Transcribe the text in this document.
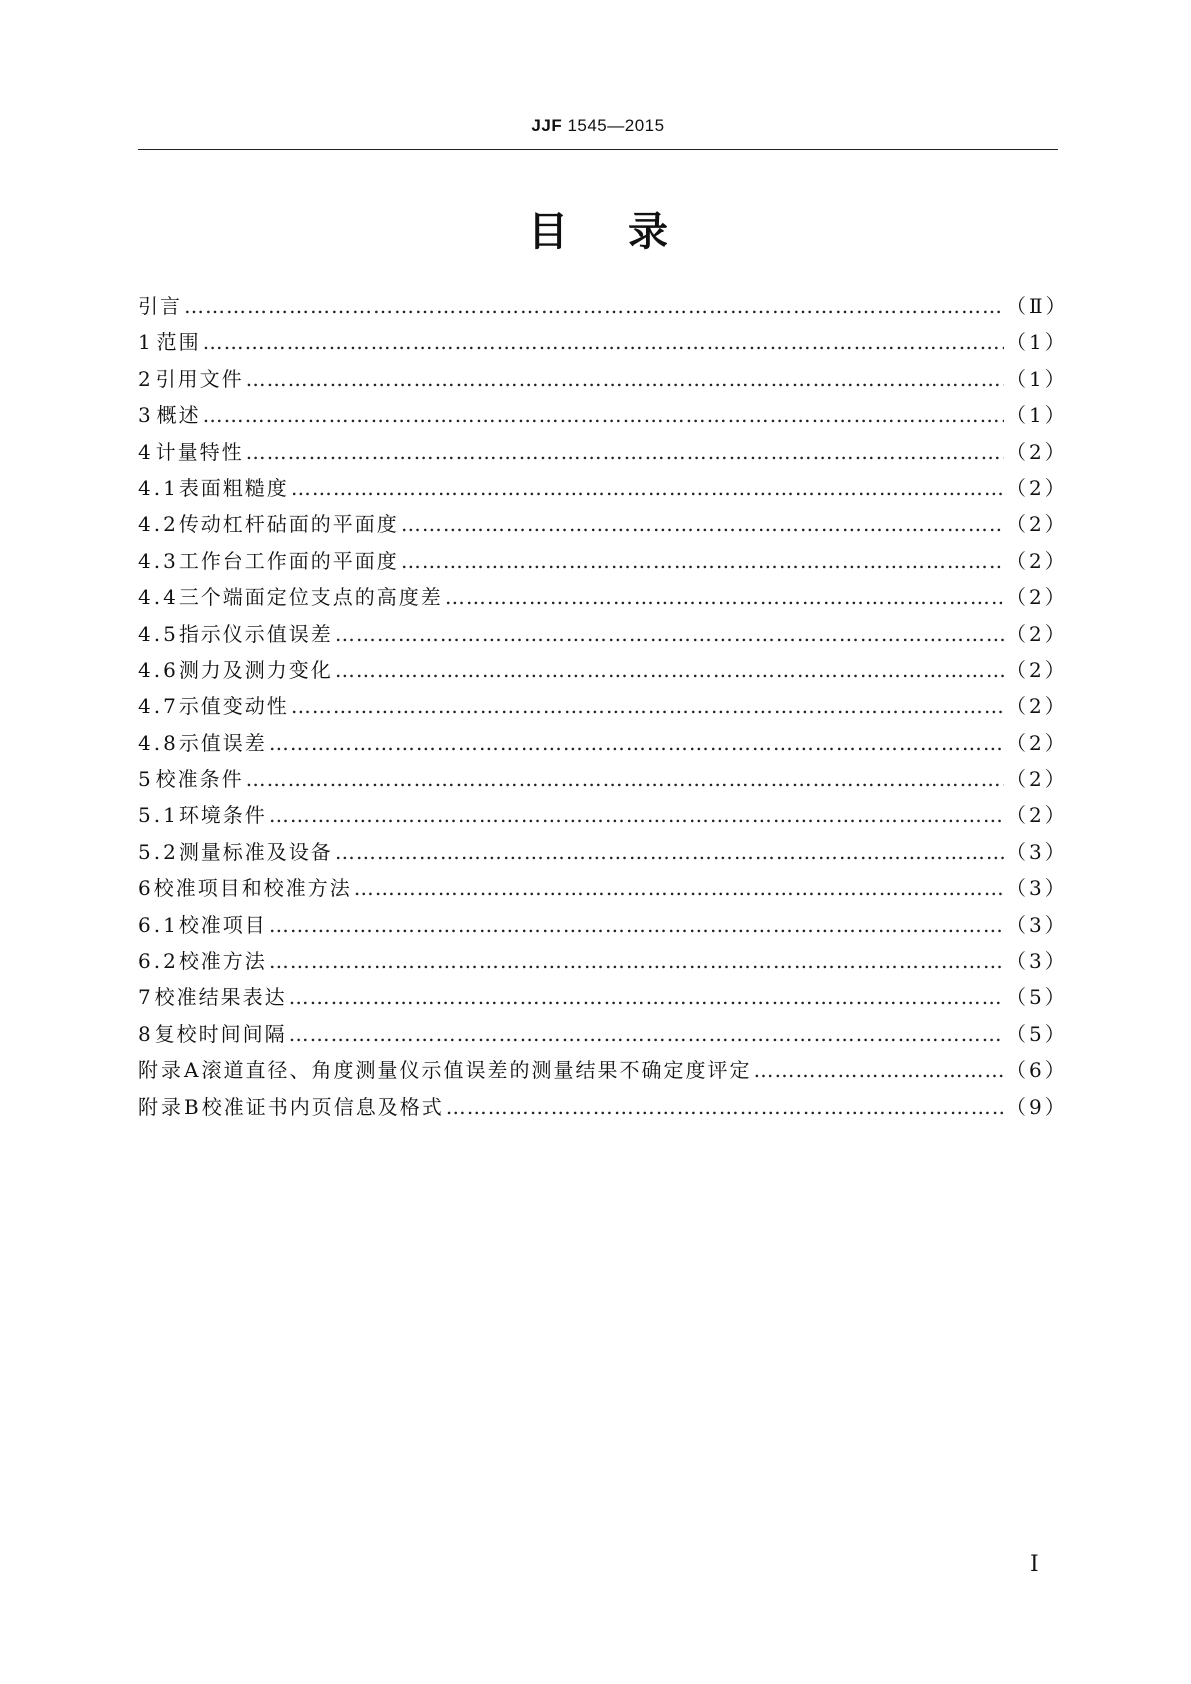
JJF 1545—2015
目录
引言 …………………………………………………………………………………………………………………………………………………………………………………………………………	（Ⅱ）
1 范围 …………………………………………………………………………………………………………………………………………………………………………………………………………	（1）
2 引用文件 …………………………………………………………………………………………………………………………………………………………………………………………………………	（1）
3 概述 …………………………………………………………………………………………………………………………………………………………………………………………………………	（1）
4 计量特性 …………………………………………………………………………………………………………………………………………………………………………………………………………	（2）
4.1 表面粗糙度 …………………………………………………………………………………………………………………………………………………………………………………………………………	（2）
4.2 传动杠杆砧面的平面度 …………………………………………………………………………………………………………………………………………………………………………………………………………	（2）
4.3 工作台工作面的平面度 …………………………………………………………………………………………………………………………………………………………………………………………………………	（2）
4.4 三个端面定位支点的高度差 …………………………………………………………………………………………………………………………………………………………………………………………………………	（2）
4.5 指示仪示值误差 …………………………………………………………………………………………………………………………………………………………………………………………………………	（2）
4.6 测力及测力变化 …………………………………………………………………………………………………………………………………………………………………………………………………………	（2）
4.7 示值变动性 …………………………………………………………………………………………………………………………………………………………………………………………………………	（2）
4.8 示值误差 …………………………………………………………………………………………………………………………………………………………………………………………………………	（2）
5 校准条件 …………………………………………………………………………………………………………………………………………………………………………………………………………	（2）
5.1 环境条件 …………………………………………………………………………………………………………………………………………………………………………………………………………	（2）
5.2 测量标准及设备 …………………………………………………………………………………………………………………………………………………………………………………………………………	（3）
6 校准项目和校准方法 …………………………………………………………………………………………………………………………………………………………………………………………………………	（3）
6.1 校准项目 …………………………………………………………………………………………………………………………………………………………………………………………………………	（3）
6.2 校准方法 …………………………………………………………………………………………………………………………………………………………………………………………………………	（3）
7 校准结果表达 …………………………………………………………………………………………………………………………………………………………………………………………………………	（5）
8 复校时间间隔 …………………………………………………………………………………………………………………………………………………………………………………………………………	（5）
附录A 滚道直径、角度测量仪示值误差的测量结果不确定度评定 …………………………………………………………………………………………………………………………………………………………………………………………………………	（6）
附录B 校准证书内页信息及格式 …………………………………………………………………………………………………………………………………………………………………………………………………………	（9）
I
